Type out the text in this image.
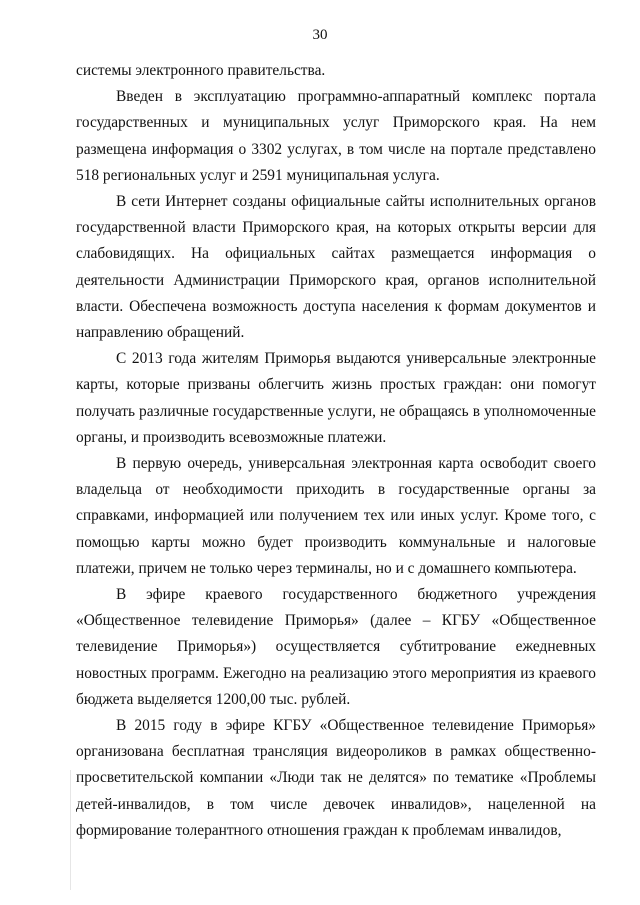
30

системы электронного правительства.

Введен в эксплуатацию программно-аппаратный комплекс портала государственных и муниципальных услуг Приморского края. На нем размещена информация о 3302 услугах, в том числе на портале представлено 518 региональных услуг и 2591 муниципальная услуга.

В сети Интернет созданы официальные сайты исполнительных органов государственной власти Приморского края, на которых открыты версии для слабовидящих. На официальных сайтах размещается информация о деятельности Администрации Приморского края, органов исполнительной власти. Обеспечена возможность доступа населения к формам документов и направлению обращений.

С 2013 года жителям Приморья выдаются универсальные электронные карты, которые призваны облегчить жизнь простых граждан: они помогут получать различные государственные услуги, не обращаясь в уполномоченные органы, и производить всевозможные платежи.

В первую очередь, универсальная электронная карта освободит своего владельца от необходимости приходить в государственные органы за справками, информацией или получением тех или иных услуг. Кроме того, с помощью карты можно будет производить коммунальные и налоговые платежи, причем не только через терминалы, но и с домашнего компьютера.

В эфире краевого государственного бюджетного учреждения «Общественное телевидение Приморья» (далее – КГБУ «Общественное телевидение Приморья») осуществляется субтитрование ежедневных новостных программ. Ежегодно на реализацию этого мероприятия из краевого бюджета выделяется 1200,00 тыс. рублей.

В 2015 году в эфире КГБУ «Общественное телевидение Приморья» организована бесплатная трансляция видеороликов в рамках общественно-просветительской компании «Люди так не делятся» по тематике «Проблемы детей-инвалидов, в том числе девочек инвалидов», нацеленной на формирование толерантного отношения граждан к проблемам инвалидов,
